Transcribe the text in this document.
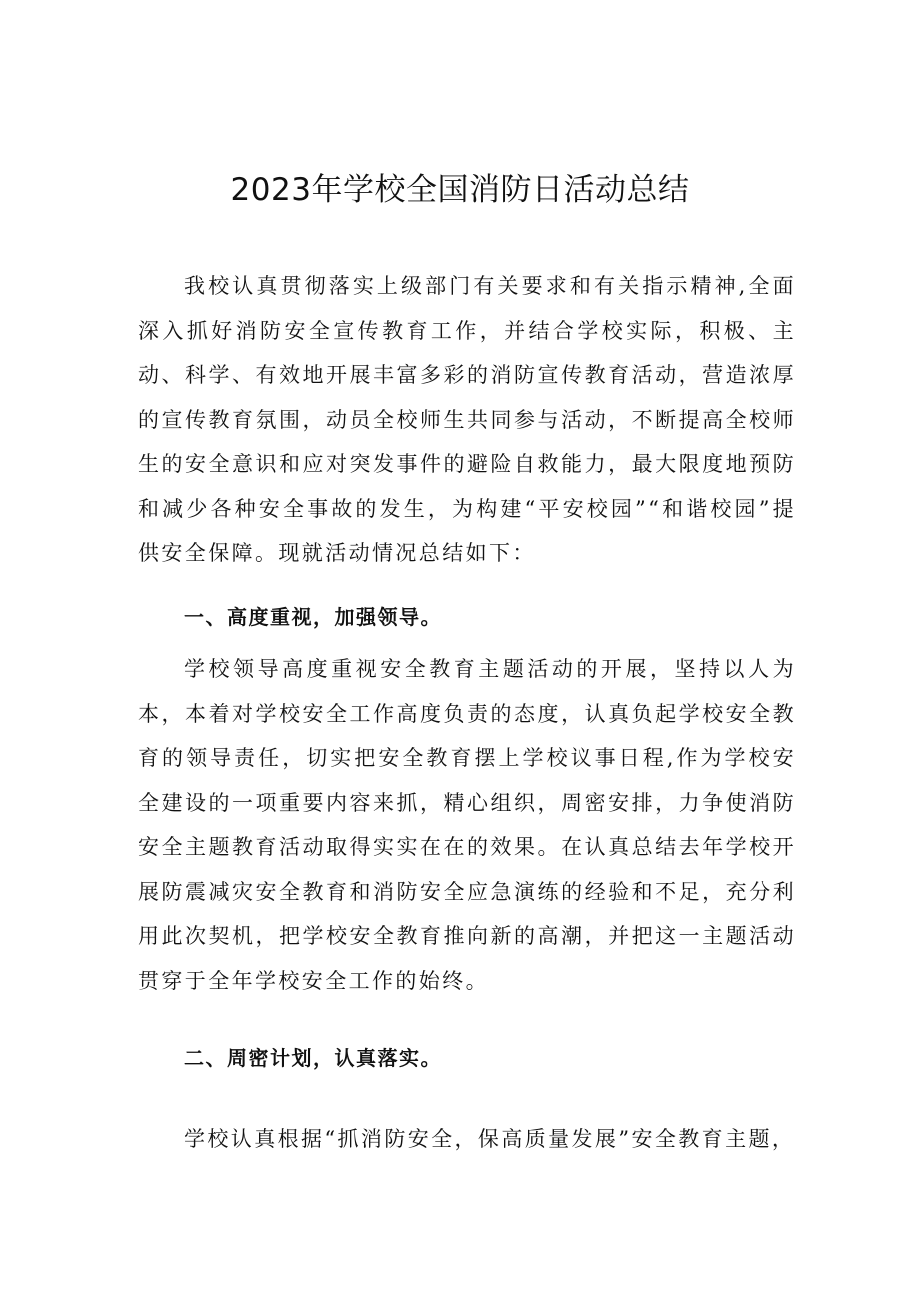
2023年学校全国消防日活动总结

我校认真贯彻落实上级部门有关要求和有关指示精神,全面深入抓好消防安全宣传教育工作，并结合学校实际，积极、主动、科学、有效地开展丰富多彩的消防宣传教育活动，营造浓厚的宣传教育氛围，动员全校师生共同参与活动，不断提高全校师生的安全意识和应对突发事件的避险自救能力，最大限度地预防和减少各种安全事故的发生，为构建“平安校园”“和谐校园”提供安全保障。现就活动情况总结如下：

一、高度重视，加强领导。

学校领导高度重视安全教育主题活动的开展，坚持以人为本，本着对学校安全工作高度负责的态度，认真负起学校安全教育的领导责任，切实把安全教育摆上学校议事日程,作为学校安全建设的一项重要内容来抓，精心组织，周密安排，力争使消防安全主题教育活动取得实实在在的效果。在认真总结去年学校开展防震减灾安全教育和消防安全应急演练的经验和不足，充分利用此次契机，把学校安全教育推向新的高潮，并把这一主题活动贯穿于全年学校安全工作的始终。

二、周密计划，认真落实。

学校认真根据“抓消防安全，保高质量发展”安全教育主题，
